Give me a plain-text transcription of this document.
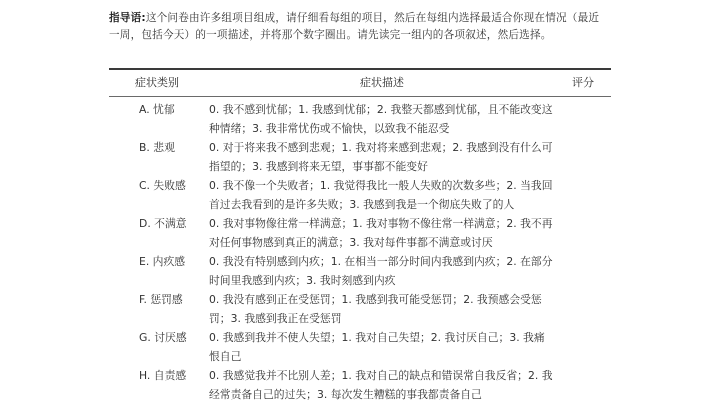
指导语:这个问卷由许多组项目组成，请仔细看每组的项目，然后在每组内选择最适合你现在情况（最近一周，包括今天）的一项描述，并将那个数字圈出。请先读完一组内的各项叙述，然后选择。
症状类别	症状描述	评分
A. 忧郁	0. 我不感到忧郁；1. 我感到忧郁；2. 我整天都感到忧郁，且不能改变这种情绪；3. 我非常忧伤或不愉快，以致我不能忍受
B. 悲观	0. 对于将来我不感到悲观；1. 我对将来感到悲观；2. 我感到没有什么可指望的；3. 我感到将来无望，事事都不能变好
C. 失败感	0. 我不像一个失败者；1. 我觉得我比一般人失败的次数多些；2. 当我回首过去我看到的是许多失败；3. 我感到我是一个彻底失败了的人
D. 不满意	0. 我对事物像往常一样满意；1. 我对事物不像往常一样满意；2. 我不再对任何事物感到真正的满意；3. 我对每件事都不满意或讨厌
E. 内疚感	0. 我没有特别感到内疚；1. 在相当一部分时间内我感到内疚；2. 在部分时间里我感到内疚；3. 我时刻感到内疚
F. 惩罚感	0. 我没有感到正在受惩罚；1. 我感到我可能受惩罚；2. 我预感会受惩罚；3. 我感到我正在受惩罚
G. 讨厌感	0. 我感到我并不使人失望；1. 我对自己失望；2. 我讨厌自己；3. 我痛恨自己
H. 自责感	0. 我感觉我并不比别人差；1. 我对自己的缺点和错误常自我反省；2. 我经常责备自己的过失；3. 每次发生糟糕的事我都责备自己
